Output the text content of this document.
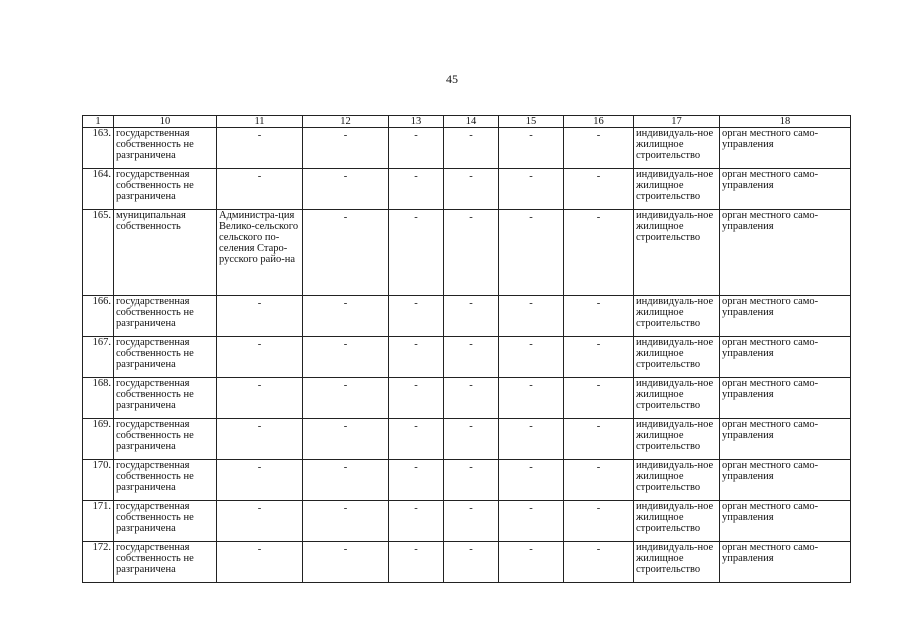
45
1	10	11	12	13	14	15	16	17	18
163.	государственная собственность не разграничена	-	-	-	-	-	-	индивидуаль-ное жилищное строительство	орган местного само-управления
164.	государственная собственность не разграничена	-	-	-	-	-	-	индивидуаль-ное жилищное строительство	орган местного само-управления
165.	муниципальная собственность	Администра-ция Велико-сельского сельского по-селения Старо-русского райо-на	-	-	-	-	-	индивидуаль-ное жилищное строительство	орган местного само-управления
166.	государственная собственность не разграничена	-	-	-	-	-	-	индивидуаль-ное жилищное строительство	орган местного само-управления
167.	государственная собственность не разграничена	-	-	-	-	-	-	индивидуаль-ное жилищное строительство	орган местного само-управления
168.	государственная собственность не разграничена	-	-	-	-	-	-	индивидуаль-ное жилищное строительство	орган местного само-управления
169.	государственная собственность не разграничена	-	-	-	-	-	-	индивидуаль-ное жилищное строительство	орган местного само-управления
170.	государственная собственность не разграничена	-	-	-	-	-	-	индивидуаль-ное жилищное строительство	орган местного само-управления
171.	государственная собственность не разграничена	-	-	-	-	-	-	индивидуаль-ное жилищное строительство	орган местного само-управления
172.	государственная собственность не разграничена	-	-	-	-	-	-	индивидуаль-ное жилищное строительство	орган местного само-управления
